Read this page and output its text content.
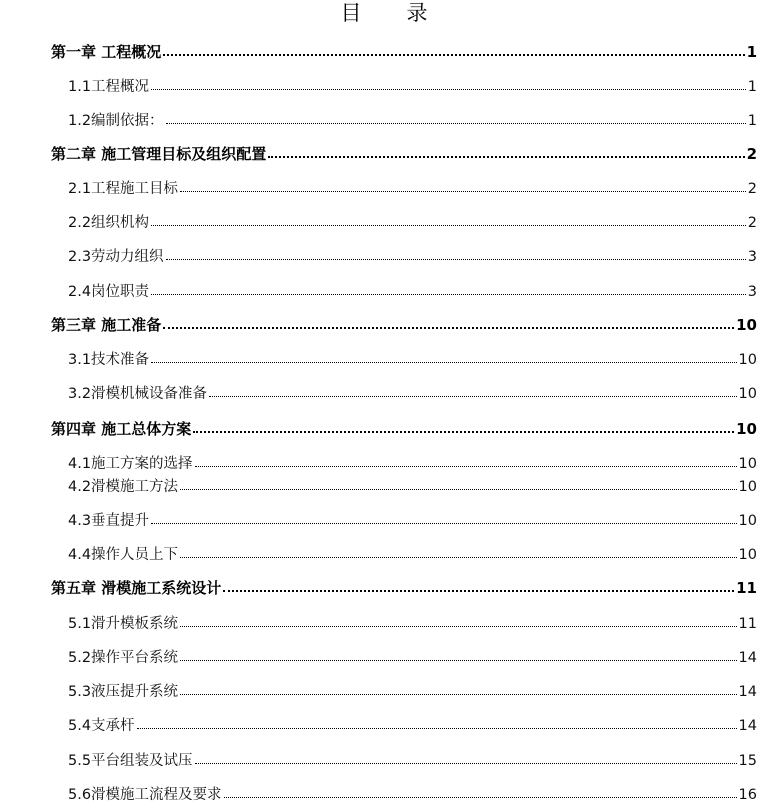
目　录
第一章 工程概况	1
1.1工程概况	1
1.2编制依据：	1
第二章 施工管理目标及组织配置	2
2.1工程施工目标	2
2.2组织机构	2
2.3劳动力组织	3
2.4岗位职责	3
第三章 施工准备	10
3.1技术准备	10
3.2滑模机械设备准备	10
第四章 施工总体方案	10
4.1施工方案的选择	10
4.2滑模施工方法	10
4.3垂直提升	10
4.4操作人员上下	10
第五章 滑模施工系统设计	11
5.1滑升模板系统	11
5.2操作平台系统	14
5.3液压提升系统	14
5.4支承杆	14
5.5平台组装及试压	15
5.6滑模施工流程及要求	16
